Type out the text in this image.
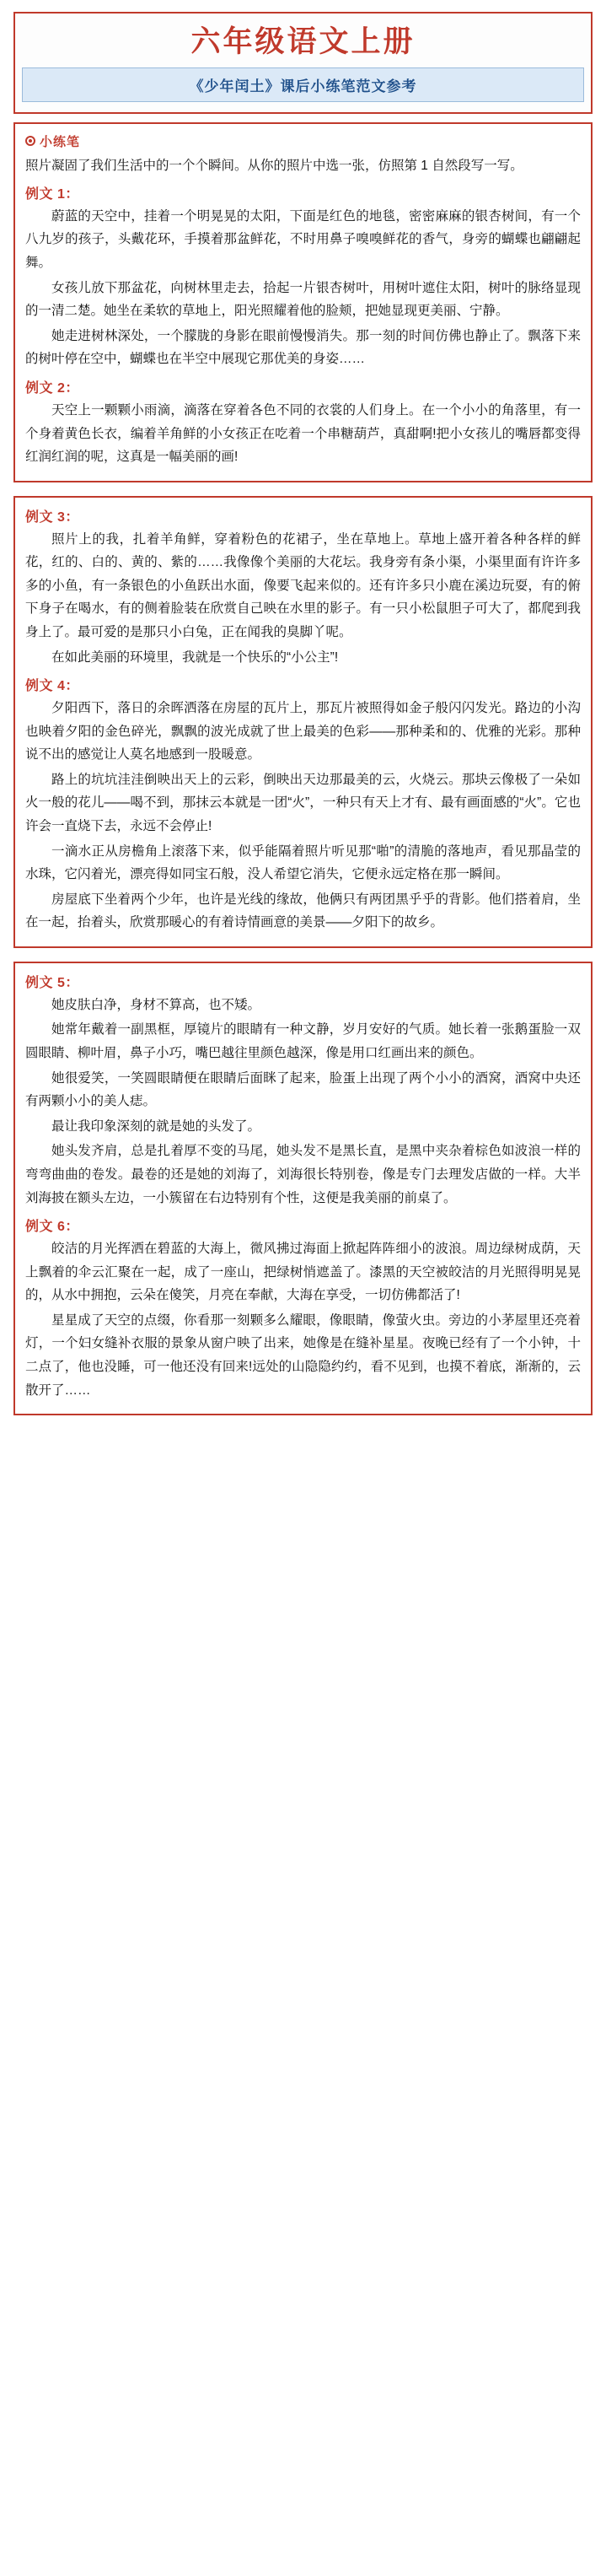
六年级语文上册
《少年闰土》课后小练笔范文参考
小练笔
照片凝固了我们生活中的一个个瞬间。从你的照片中选一张，仿照第 1 自然段写一写。
例文 1：

蔚蓝的天空中，挂着一个明晃晃的太阳，下面是红色的地毯，密密麻麻的银杏树间，有一个八九岁的孩子，头戴花环，手摸着那盆鲜花，不时用鼻子嗅嗅鲜花的香气，身旁的蝴蝶也翩翩起舞。

女孩儿放下那盆花，向树林里走去，拾起一片银杏树叶，用树叶遮住太阳，树叶的脉络显现的一清二楚。她坐在柔软的草地上，阳光照耀着他的脸颊，把她显现更美丽、宁静。

她走进树林深处，一个朦胧的身影在眼前慢慢消失。那一刻的时间仿佛也静止了。飘落下来的树叶停在空中，蝴蝶也在半空中展现它那优美的身姿……

例文 2：

天空上一颗颗小雨滴，滴落在穿着各色不同的衣裳的人们身上。在一个小小的角落里，有一个身着黄色长衣，编着羊角鲜的小女孩正在吃着一个串糖葫芦，真甜啊!把小女孩儿的嘴唇都变得红润红润的呢，这真是一幅美丽的画!

例文 3：

照片上的我，扎着羊角鲜，穿着粉色的花裙子，坐在草地上。草地上盛开着各种各样的鲜花，红的、白的、黄的、紫的……我像像个美丽的大花坛。我身旁有条小渠，小渠里面有许许多多的小鱼，有一条银色的小鱼跃出水面，像要飞起来似的。还有许多只小鹿在溪边玩耍，有的俯下身子在喝水，有的侧着脸装在欣赏自己映在水里的影子。有一只小松鼠胆子可大了，都爬到我身上了。最可爱的是那只小白兔，正在闻我的臭脚丫呢。

在如此美丽的环境里，我就是一个快乐的“小公主”!

例文 4：

夕阳西下，落日的余晖洒落在房屋的瓦片上，那瓦片被照得如金子般闪闪发光。路边的小沟也映着夕阳的金色碎光，飘飘的波光成就了世上最美的色彩——那种柔和的、优雅的光彩。那种说不出的感觉让人莫名地感到一股暖意。

路上的坑坑洼洼倒映出天上的云彩，倒映出天边那最美的云，火烧云。那块云像极了一朵如火一般的花儿——喝不到，那抹云本就是一团“火”，一种只有天上才有、最有画面感的“火”。它也许会一直烧下去，永远不会停止!

一滴水正从房檐角上滚落下来，似乎能隔着照片听见那“啪”的清脆的落地声，看见那晶莹的水珠，它闪着光，漂亮得如同宝石般，没人希望它消失，它便永远定格在那一瞬间。

房屋底下坐着两个少年，也许是光线的缘故，他俩只有两团黑乎乎的背影。他们搭着肩，坐在一起，抬着头，欣赏那暖心的有着诗情画意的美景——夕阳下的故乡。

例文 5：

她皮肤白净，身材不算高，也不矮。

她常年戴着一副黑框，厚镜片的眼睛有一种文静，岁月安好的气质。她长着一张鹅蛋脸一双圆眼睛、柳叶眉，鼻子小巧，嘴巴越往里颜色越深，像是用口红画出来的颜色。

她很爱笑，一笑圆眼睛便在眼睛后面眯了起来，脸蛋上出现了两个小小的酒窝，酒窝中央还有两颗小小的美人痣。

最让我印象深刻的就是她的头发了。

她头发齐肩，总是扎着厚不变的马尾，她头发不是黑长直，是黑中夹杂着棕色如波浪一样的弯弯曲曲的卷发。最卷的还是她的刘海了，刘海很长特别卷，像是专门去理发店做的一样。大半刘海披在额头左边，一小簇留在右边特别有个性，这便是我美丽的前桌了。

例文 6：

皎洁的月光挥洒在碧蓝的大海上，微风拂过海面上掀起阵阵细小的波浪。周边绿树成荫，天上飘着的伞云汇聚在一起，成了一座山，把绿树悄遮盖了。漆黑的天空被皎洁的月光照得明晃晃的，从水中拥抱，云朵在傻笑，月亮在奉献，大海在享受，一切仿佛都活了!

星星成了天空的点缀，你看那一刻颗多么耀眼，像眼睛，像萤火虫。旁边的小茅屋里还亮着灯，一个妇女缝补衣服的景象从窗户映了出来，她像是在缝补星星。夜晚已经有了一个小钟，十二点了，他也没睡，可一他还没有回来!远处的山隐隐约约，看不见到，也摸不着底，渐渐的，云散开了……
